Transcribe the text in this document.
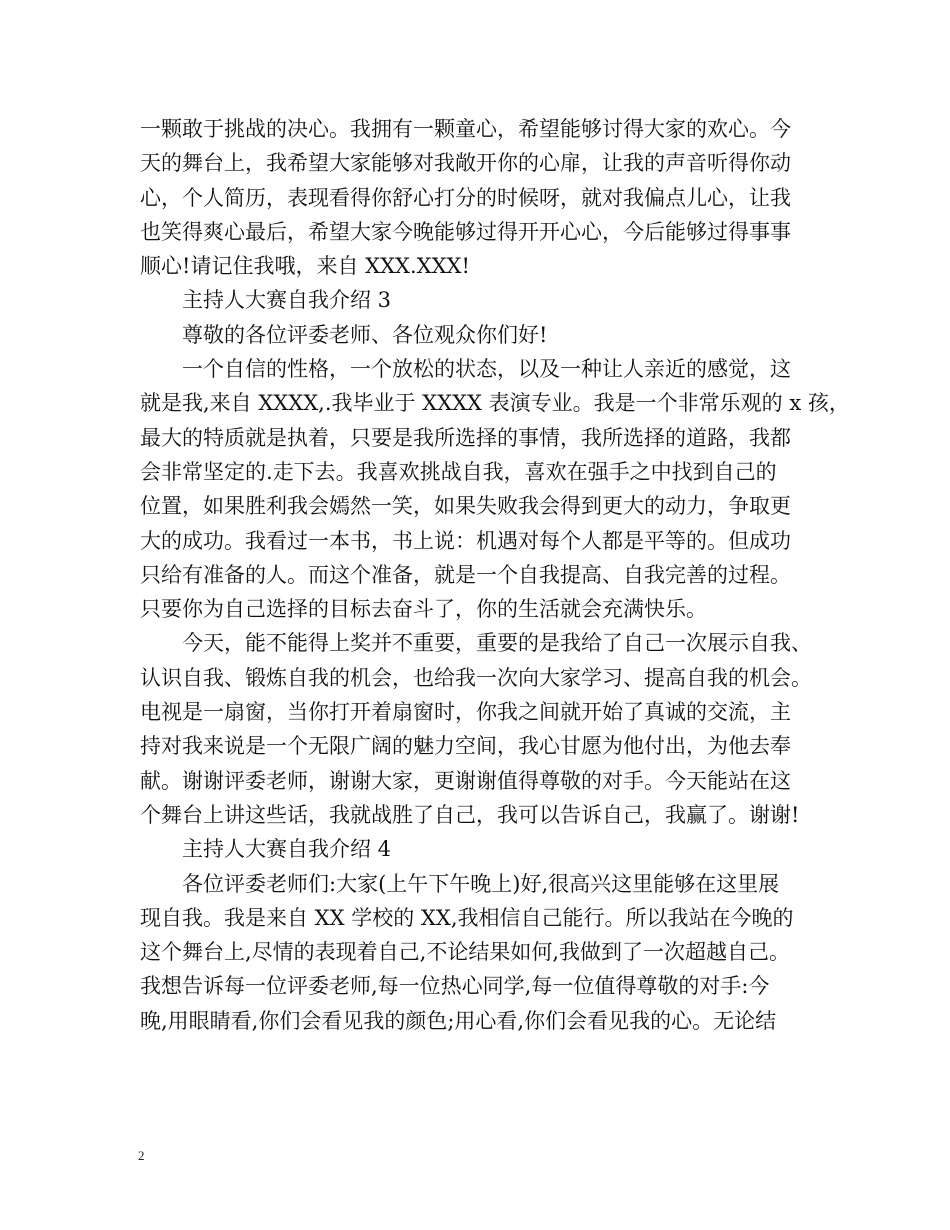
一颗敢于挑战的决心。我拥有一颗童心，希望能够讨得大家的欢心。今
天的舞台上，我希望大家能够对我敞开你的心扉，让我的声音听得你动
心，个人简历，表现看得你舒心打分的时候呀，就对我偏点儿心，让我
也笑得爽心最后，希望大家今晚能够过得开开心心，今后能够过得事事
顺心!请记住我哦，来自 XXX.XXX!
主持人大赛自我介绍 3
尊敬的各位评委老师、各位观众你们好!
一个自信的性格，一个放松的状态，以及一种让人亲近的感觉，这
就是我,来自 XXXX,.我毕业于 XXXX 表演专业。我是一个非常乐观的 x 孩，
最大的特质就是执着，只要是我所选择的事情，我所选择的道路，我都
会非常坚定的.走下去。我喜欢挑战自我，喜欢在强手之中找到自己的
位置，如果胜利我会嫣然一笑，如果失败我会得到更大的动力，争取更
大的成功。我看过一本书，书上说：机遇对每个人都是平等的。但成功
只给有准备的人。而这个准备，就是一个自我提高、自我完善的过程。
只要你为自己选择的目标去奋斗了，你的生活就会充满快乐。
今天，能不能得上奖并不重要，重要的是我给了自己一次展示自我、
认识自我、锻炼自我的机会，也给我一次向大家学习、提高自我的机会。
电视是一扇窗，当你打开着扇窗时，你我之间就开始了真诚的交流，主
持对我来说是一个无限广阔的魅力空间，我心甘愿为他付出，为他去奉
献。谢谢评委老师，谢谢大家，更谢谢值得尊敬的对手。今天能站在这
个舞台上讲这些话，我就战胜了自己，我可以告诉自己，我赢了。谢谢!
主持人大赛自我介绍 4
各位评委老师们:大家(上午下午晚上)好,很高兴这里能够在这里展
现自我。我是来自 XX 学校的 XX,我相信自己能行。所以我站在今晚的
这个舞台上,尽情的表现着自己,不论结果如何,我做到了一次超越自己。
我想告诉每一位评委老师,每一位热心同学,每一位值得尊敬的对手:今
晚,用眼睛看,你们会看见我的颜色;用心看,你们会看见我的心。无论结
2
